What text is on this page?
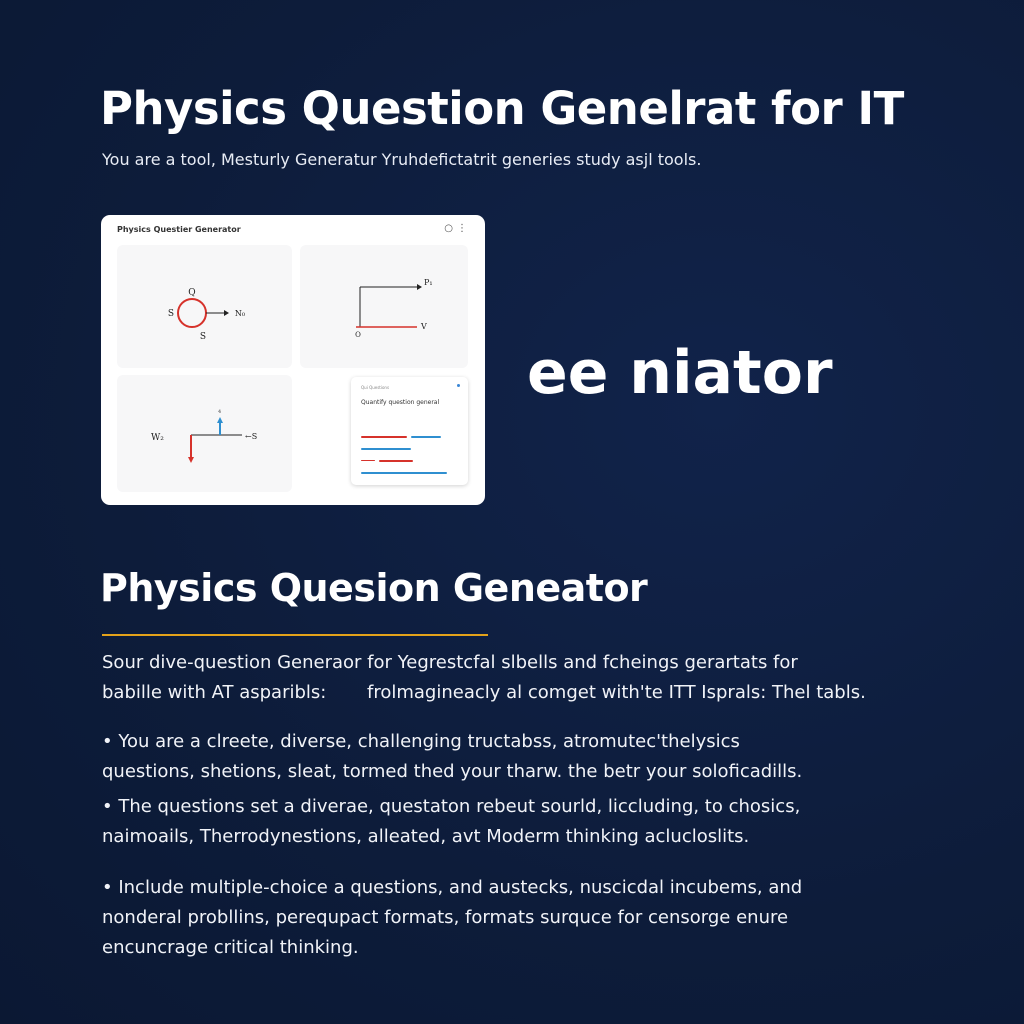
Physics Question Genelrat for IT
You are a tool, Mesturly Generatur Yruhdefictatrit generies study asjl tools.
Physics Questier Generator	○⋮
Q
S	N₀
S
P₁
O
V
W₂	←S
4
Qui Questions
Quantify question general ee niator
Physics Quesion Geneator
Sour dive-question Generaor for Yegrestcfal slbells and fcheings gerartats for
babille with AT asparibls: frolmagineacly al comget with'te ITT Isprals: Thel tabls.
• You are a clreete, diverse, challenging tructabss, atromutec'thelysics
questions, shetions, sleat, tormed thed your tharw. the betr your soloficadills.
• The questions set a diverae, questaton rebeut sourld, liccluding, to chosics,
naimoails, Therrodynestions, alleated, avt Moderm thinking aclucloslits.
• Include multiple-choice a questions, and austecks, nuscicdal incubems, and
nonderal probllins, perequpact formats, formats surquce for censorge enure
encuncrage critical thinking.
